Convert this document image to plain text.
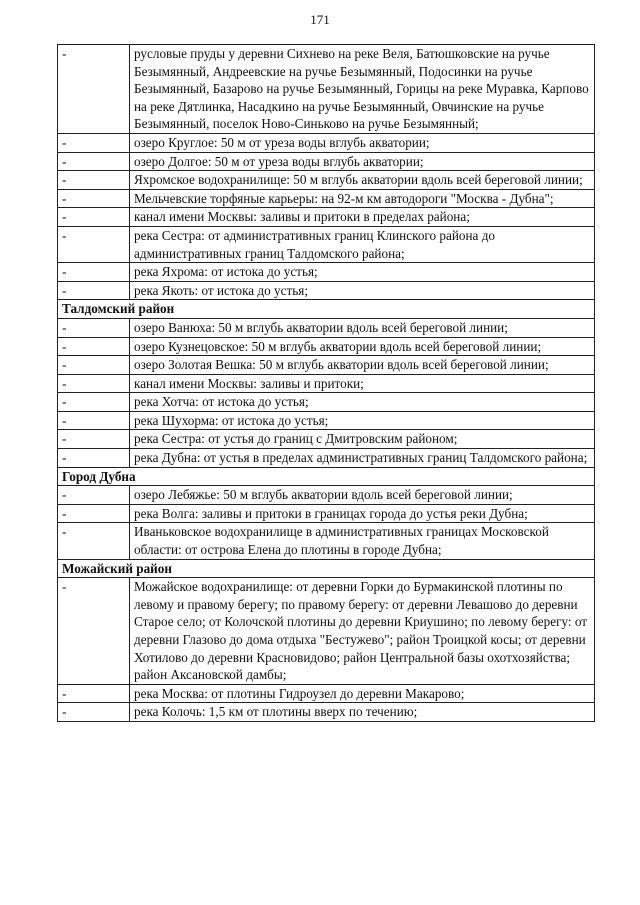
171
-	русловые пруды у деревни Сихнево на реке Веля, Батюшковские на ручье Безымянный, Андреевские на ручье Безымянный, Подосинки на ручье Безымянный, Базарово на ручье Безымянный, Горицы на реке Муравка, Карпово на реке Дятлинка, Насадкино на ручье Безымянный, Овчинские на ручье Безымянный, поселок Ново-Синьково на ручье Безымянный;
-	озеро Круглое: 50 м от уреза воды вглубь акватории;
-	озеро Долгое: 50 м от уреза воды вглубь акватории;
-	Яхромское водохранилище: 50 м вглубь акватории вдоль всей береговой линии;
-	Мельчевские торфяные карьеры: на 92-м км автодороги "Москва - Дубна";
-	канал имени Москвы: заливы и притоки в пределах района;
-	река Сестра: от административных границ Клинского района до административных границ Талдомского района;
-	река Яхрома: от истока до устья;
-	река Якоть: от истока до устья;
Талдомский район	
-	озеро Ванюха: 50 м вглубь акватории вдоль всей береговой линии;
-	озеро Кузнецовское: 50 м вглубь акватории вдоль всей береговой линии;
-	озеро Золотая Вешка: 50 м вглубь акватории вдоль всей береговой линии;
-	канал имени Москвы: заливы и притоки;
-	река Хотча: от истока до устья;
-	река Шухорма: от истока до устья;
-	река Сестра: от устья до границ с Дмитровским районом;
-	река Дубна: от устья в пределах административных границ Талдомского района;
Город Дубна	
-	озеро Лебяжье: 50 м вглубь акватории вдоль всей береговой линии;
-	река Волга: заливы и притоки в границах города до устья реки Дубна;
-	Иваньковское водохранилище в административных границах Московской области: от острова Елена до плотины в городе Дубна;
Можайский район	
-	Можайское водохранилище: от деревни Горки до Бурмакинской плотины по левому и правому берегу; по правому берегу: от деревни Левашово до деревни Старое село; от Колочской плотины до деревни Криушино; по левому берегу: от деревни Глазово до дома отдыха "Бестужево"; район Троицкой косы; от деревни Хотилово до деревни Красновидово; район Центральной базы охотхозяйства; район Аксановской дамбы;
-	река Москва: от плотины Гидроузел до деревни Макарово;
-	река Колочь: 1,5 км от плотины вверх по течению;
